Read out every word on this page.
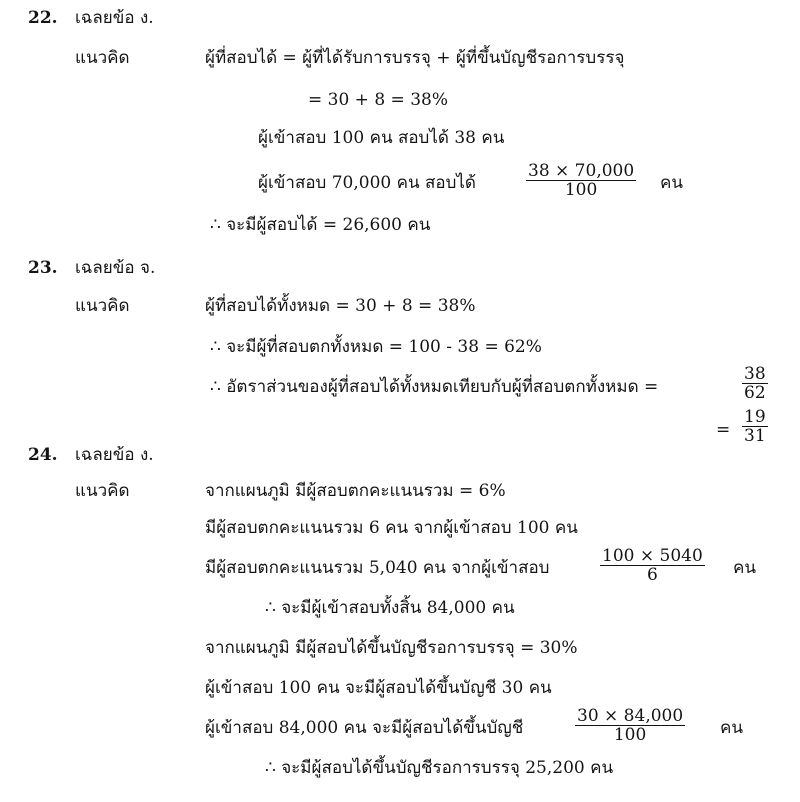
22. เฉลยข้อ ง.
แนวคิด	ผู้ที่สอบได้ = ผู้ที่ได้รับการบรรจุ + ผู้ที่ขึ้นบัญชีรอการบรรจุ
= 30 + 8 = 38%
ผู้เข้าสอบ 100 คน สอบได้ 38 คน
ผู้เข้าสอบ 70,000 คน สอบได้	$\frac{38 \times 70,000}{100}$ คน
∴ จะมีผู้สอบได้ = 26,600 คน
23. เฉลยข้อ จ.
แนวคิด	ผู้ที่สอบได้ทั้งหมด = 30 + 8 = 38%
∴ จะมีผู้ที่สอบตกทั้งหมด = 100 - 38 = 62%
∴ อัตราส่วนของผู้ที่สอบได้ทั้งหมดเทียบกับผู้ที่สอบตกทั้งหมด =	$\frac{38}{62}$
= $\frac{19}{31}$
24. เฉลยข้อ ง.
แนวคิด	จากแผนภูมิ มีผู้สอบตกคะแนนรวม = 6%
มีผู้สอบตกคะแนนรวม 6 คน จากผู้เข้าสอบ 100 คน
มีผู้สอบตกคะแนนรวม 5,040 คน จากผู้เข้าสอบ	$\frac{100 \times 5040}{6}$ คน
∴ จะมีผู้เข้าสอบทั้งสิ้น 84,000 คน
จากแผนภูมิ มีผู้สอบได้ขึ้นบัญชีรอการบรรจุ = 30%
ผู้เข้าสอบ 100 คน จะมีผู้สอบได้ขึ้นบัญชี 30 คน
ผู้เข้าสอบ 84,000 คน จะมีผู้สอบได้ขึ้นบัญชี	$\frac{30 \times 84,000}{100}$ คน
∴ จะมีผู้สอบได้ขึ้นบัญชีรอการบรรจุ 25,200 คน
